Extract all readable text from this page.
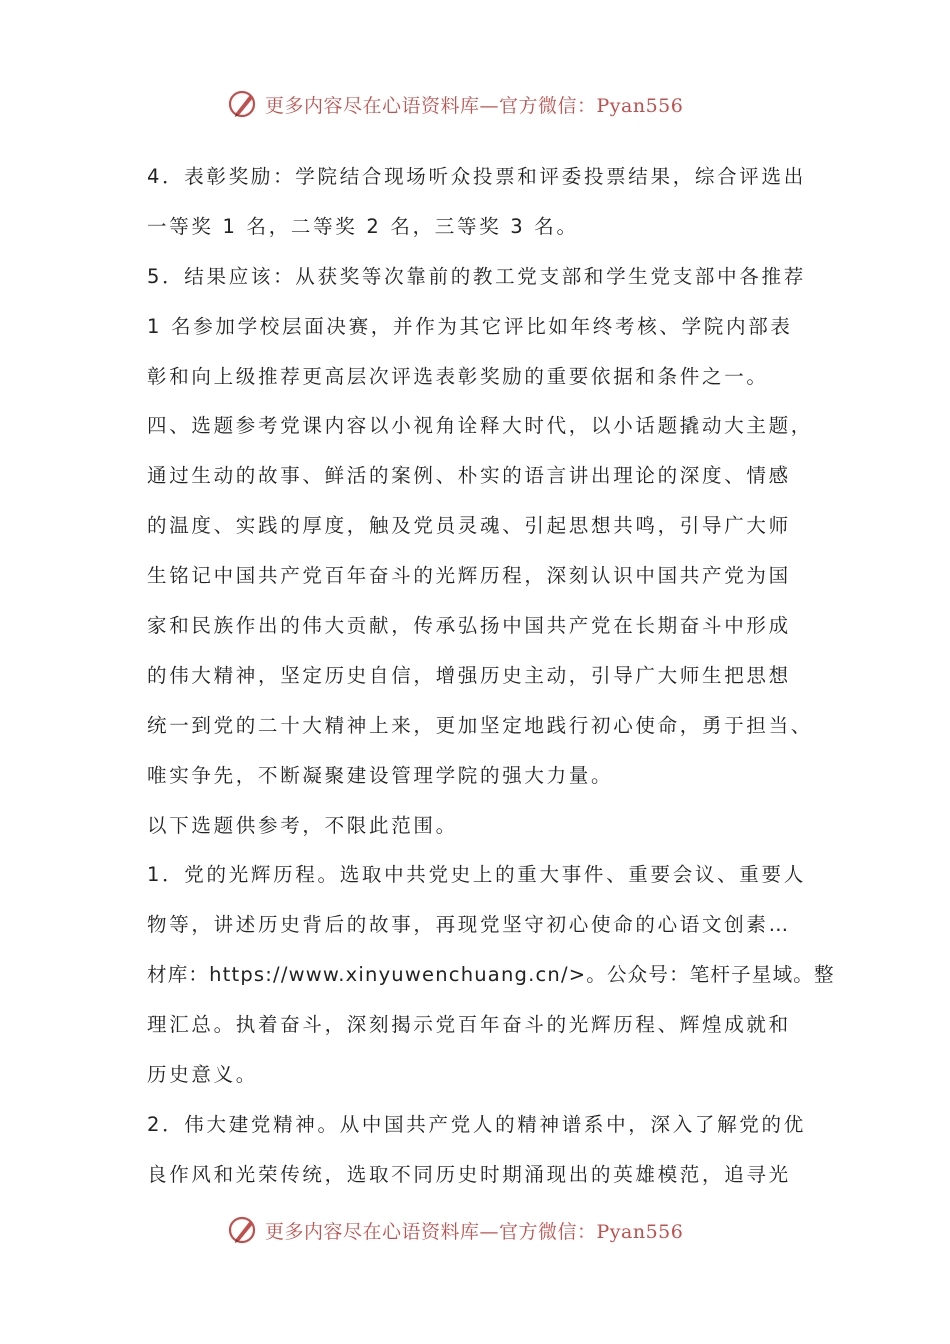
更多内容尽在心语资料库—官方微信：Pyan556
4．表彰奖励：学院结合现场听众投票和评委投票结果，综合评选出
一等奖 1 名，二等奖 2 名，三等奖 3 名。
5．结果应该：从获奖等次靠前的教工党支部和学生党支部中各推荐
1 名参加学校层面决赛，并作为其它评比如年终考核、学院内部表
彰和向上级推荐更高层次评选表彰奖励的重要依据和条件之一。
四、选题参考党课内容以小视角诠释大时代，以小话题撬动大主题，
通过生动的故事、鲜活的案例、朴实的语言讲出理论的深度、情感
的温度、实践的厚度，触及党员灵魂、引起思想共鸣，引导广大师
生铭记中国共产党百年奋斗的光辉历程，深刻认识中国共产党为国
家和民族作出的伟大贡献，传承弘扬中国共产党在长期奋斗中形成
的伟大精神，坚定历史自信，增强历史主动，引导广大师生把思想
统一到党的二十大精神上来，更加坚定地践行初心使命，勇于担当、
唯实争先，不断凝聚建设管理学院的强大力量。
以下选题供参考，不限此范围。
1．党的光辉历程。选取中共党史上的重大事件、重要会议、重要人
物等，讲述历史背后的故事，再现党坚守初心使命的心语文创素…
材库：https://www.xinyuwenchuang.cn/>。公众号：笔杆子星域。整
理汇总。执着奋斗，深刻揭示党百年奋斗的光辉历程、辉煌成就和
历史意义。
2．伟大建党精神。从中国共产党人的精神谱系中，深入了解党的优
良作风和光荣传统，选取不同历史时期涌现出的英雄模范，追寻光
更多内容尽在心语资料库—官方微信：Pyan556
